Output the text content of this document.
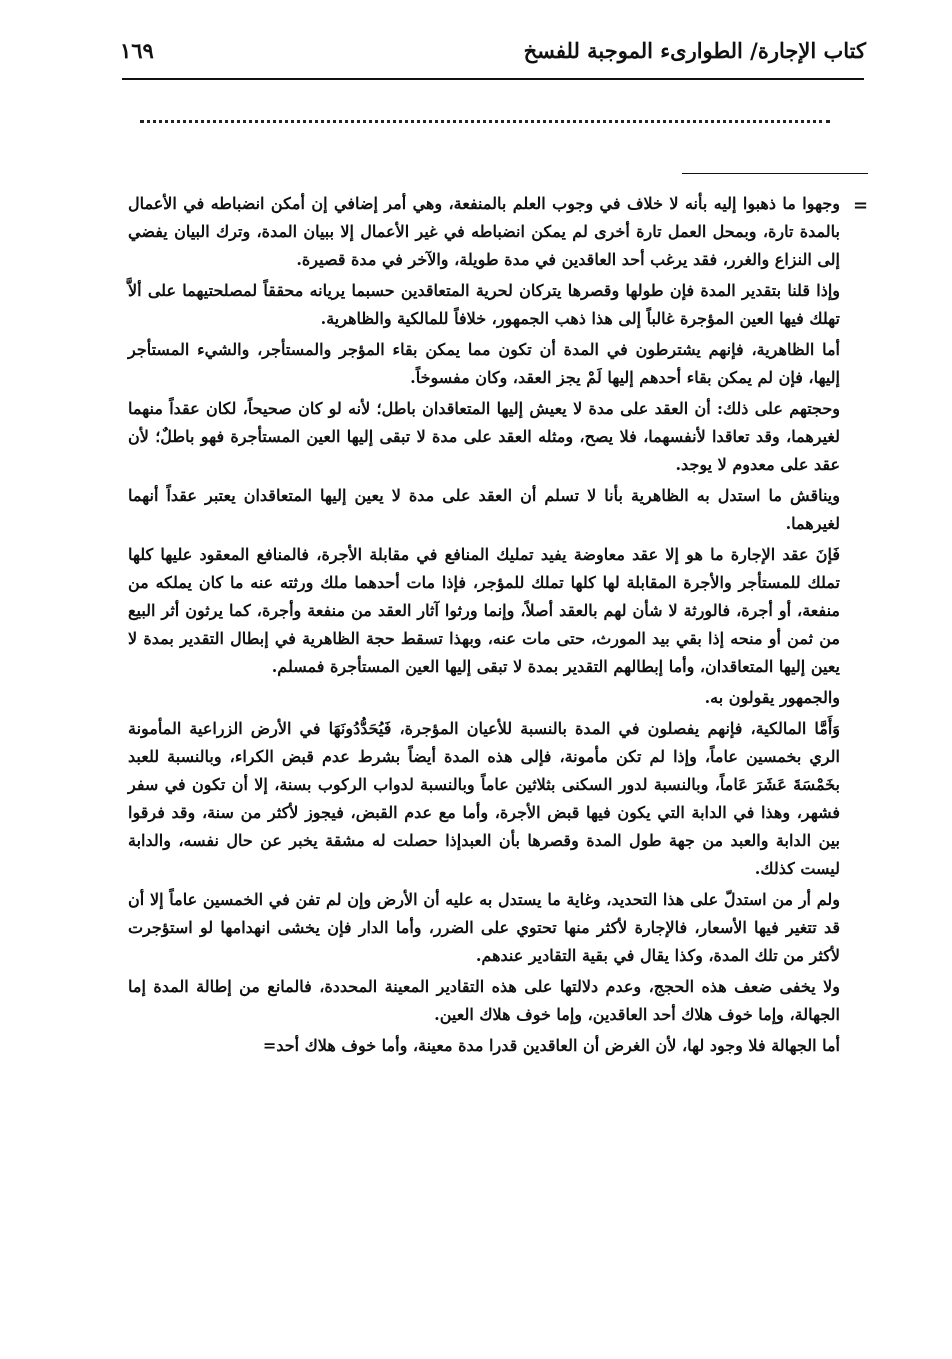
كتاب الإجارة/ الطوارىء الموجبة للفسخ
١٦٩
=

وجهوا ما ذهبوا إليه بأنه لا خلاف في وجوب العلم بالمنفعة، وهي أمر إضافي إن أمكن انضباطه في الأعمال بالمدة تارة، وبمحل العمل تارة أخرى لم يمكن انضباطه في غير الأعمال إلا ببيان المدة، وترك البيان يفضي إلى النزاع والغرر، فقد يرغب أحد العاقدين في مدة طويلة، والآخر في مدة قصيرة.

وإذا قلنا بتقدير المدة فإن طولها وقصرها يتركان لحرية المتعاقدين حسبما يريانه محققاً لمصلحتيهما على ألاَّ تهلك فيها العين المؤجرة غالباً إلى هذا ذهب الجمهور، خلافاً للمالكية والظاهرية.

أما الظاهرية، فإنهم يشترطون في المدة أن تكون مما يمكن بقاء المؤجر والمستأجر، والشيء المستأجر إليها، فإن لم يمكن بقاء أحدهم إليها لَمْ يجز العقد، وكان مفسوخاً.

وحجتهم على ذلك: أن العقد على مدة لا يعيش إليها المتعاقدان باطل؛ لأنه لو كان صحيحاً، لكان عقداً منهما لغيرهما، وقد تعاقدا لأنفسهما، فلا يصح، ومثله العقد على مدة لا تبقى إليها العين المستأجرة فهو باطلٌ؛ لأن عقد على معدوم لا يوجد.

ويناقش ما استدل به الظاهرية بأنا لا تسلم أن العقد على مدة لا يعين إليها المتعاقدان يعتبر عقداً أنهما لغيرهما.

فَإنَ عقد الإجارة ما هو إلا عقد معاوضة يفيد تمليك المنافع في مقابلة الأجرة، فالمنافع المعقود عليها كلها تملك للمستأجر والأجرة المقابلة لها كلها تملك للمؤجر، فإذا مات أحدهما ملك ورثته عنه ما كان يملكه من منفعة، أو أجرة، فالورثة لا شأن لهم بالعقد أصلاً، وإنما ورثوا آثار العقد من منفعة وأجرة، كما يرثون أثر البيع من ثمن أو منحه إذا بقي بيد المورث، حتى مات عنه، وبهذا تسقط حجة الظاهرية في إبطال التقدير بمدة لا يعين إليها المتعاقدان، وأما إبطالهم التقدير بمدة لا تبقى إليها العين المستأجرة فمسلم.

والجمهور يقولون به.

وَأَمَّا المالكية، فإنهم يفصلون في المدة بالنسبة للأعيان المؤجرة، فَيُحَدُّدُونَهَا في الأرض الزراعية المأمونة الري بخمسين عاماً، وإذا لم تكن مأمونة، فإلى هذه المدة أيضاً بشرط عدم قبض الكراء، وبالنسبة للعبد بخَمْسَةَ عَشَرَ عَاماً، وبالنسبة لدور السكنى بثلاثين عاماً وبالنسبة لدواب الركوب بسنة، إلا أن تكون في سفر فشهر، وهذا في الدابة التي يكون فيها قبض الأجرة، وأما مع عدم القبض، فيجوز لأكثر من سنة، وقد فرقوا بين الدابة والعبد من جهة طول المدة وقصرها بأن العبدإذا حصلت له مشقة يخبر عن حال نفسه، والدابة ليست كذلك.

ولم أر من استدلّ على هذا التحديد، وغاية ما يستدل به عليه أن الأرض وإن لم تفن في الخمسين عاماً إلا أن قد تتغير فيها الأسعار، فالإجارة لأكثر منها تحتوي على الضرر، وأما الدار فإن يخشى انهدامها لو استؤجرت لأكثر من تلك المدة، وكذا يقال في بقية التقادير عندهم.

ولا يخفى ضعف هذه الحجج، وعدم دلالتها على هذه التقادير المعينة المحددة، فالمانع من إطالة المدة إما الجهالة، وإما خوف هلاك أحد العاقدين، وإما خوف هلاك العين.

أما الجهالة فلا وجود لها، لأن الغرض أن العاقدين قدرا مدة معينة، وأما خوف هلاك أحد=
